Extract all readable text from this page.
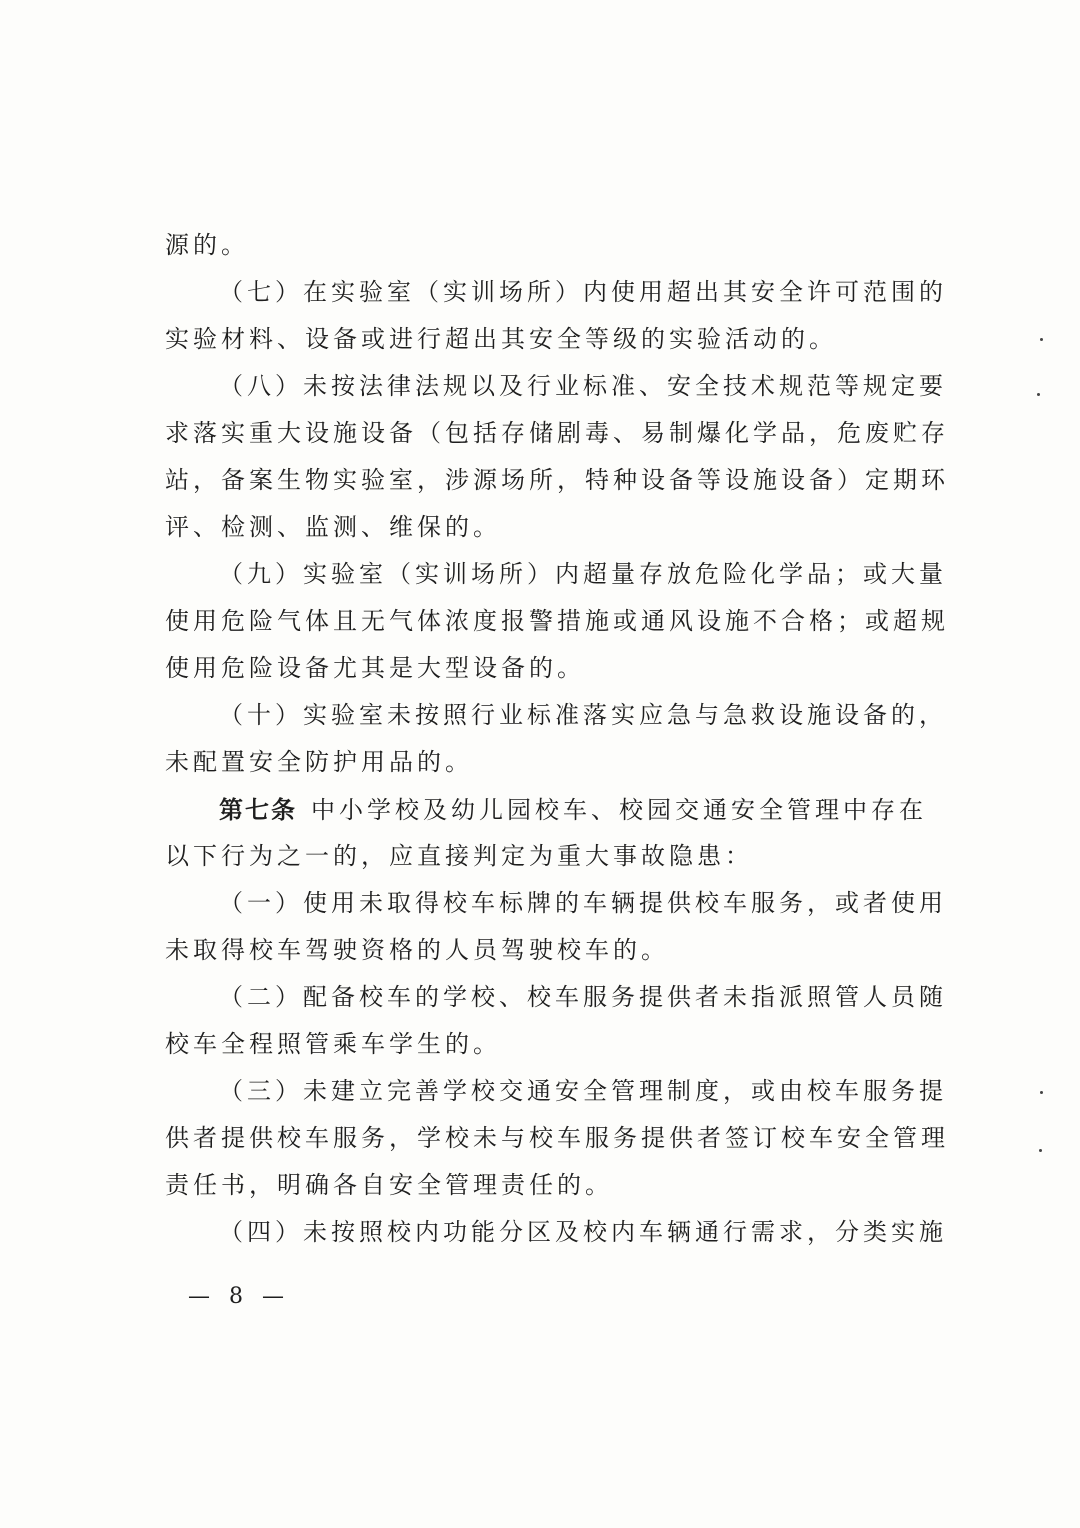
源的。
（七）在实验室（实训场所）内使用超出其安全许可范围的
实验材料、设备或进行超出其安全等级的实验活动的。
（八）未按法律法规以及行业标准、安全技术规范等规定要
求落实重大设施设备（包括存储剧毒、易制爆化学品，危废贮存
站，备案生物实验室，涉源场所，特种设备等设施设备）定期环
评、检测、监测、维保的。
（九）实验室（实训场所）内超量存放危险化学品；或大量
使用危险气体且无气体浓度报警措施或通风设施不合格；或超规
使用危险设备尤其是大型设备的。
（十）实验室未按照行业标准落实应急与急救设施设备的，
未配置安全防护用品的。
第七条 中小学校及幼儿园校车、校园交通安全管理中存在
以下行为之一的，应直接判定为重大事故隐患：
（一）使用未取得校车标牌的车辆提供校车服务，或者使用
未取得校车驾驶资格的人员驾驶校车的。
（二）配备校车的学校、校车服务提供者未指派照管人员随
校车全程照管乘车学生的。
（三）未建立完善学校交通安全管理制度，或由校车服务提
供者提供校车服务，学校未与校车服务提供者签订校车安全管理
责任书，明确各自安全管理责任的。
（四）未按照校内功能分区及校内车辆通行需求，分类实施
— 8 —
